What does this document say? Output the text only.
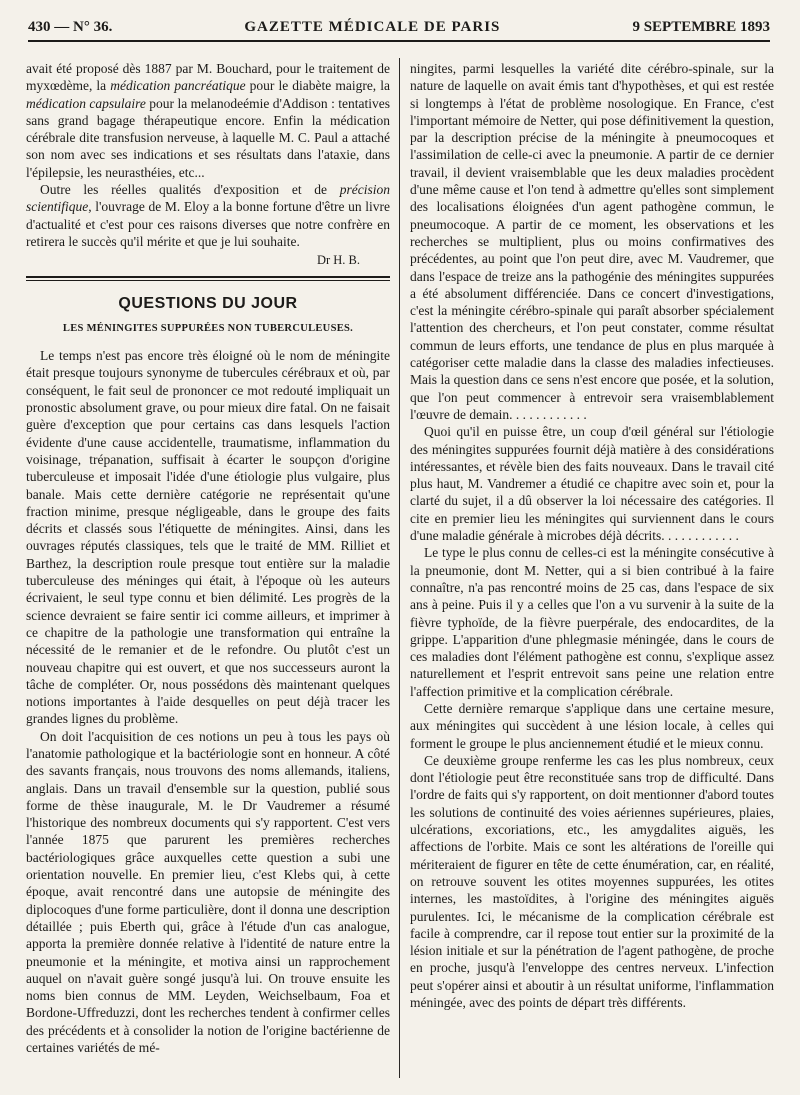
430 — N° 36.	GAZETTE MÉDICALE DE PARIS	9 SEPTEMBRE 1893

avait été proposé dès 1887 par M. Bouchard, pour le traitement de myxœdème, la médication pancréatique pour le diabète maigre, la médication capsulaire pour la melanodeémie d'Addison : tentatives sans grand bagage thérapeutique encore. Enfin la médication cérébrale dite transfusion nerveuse, à laquelle M. C. Paul a attaché son nom avec ses indications et ses résultats dans l'ataxie, dans l'épilepsie, les neurasthéies, etc...

Outre les réelles qualités d'exposition et de précision scientifique, l'ouvrage de M. Eloy a la bonne fortune d'être un livre d'actualité et c'est pour ces raisons diverses que notre confrère en retirera le succès qu'il mérite et que je lui souhaite.

Dr H. B.
QUESTIONS DU JOUR
LES MÉNINGITES SUPPURÉES NON TUBERCULEUSES.

Le temps n'est pas encore très éloigné où le nom de méningite était presque toujours synonyme de tubercules cérébraux et où, par conséquent, le fait seul de prononcer ce mot redouté impliquait un pronostic absolument grave, ou pour mieux dire fatal. On ne faisait guère d'exception que pour certains cas dans lesquels l'action évidente d'une cause accidentelle, traumatisme, inflammation du voisinage, trépanation, suffisait à écarter le soupçon d'origine tuberculeuse et imposait l'idée d'une étiologie plus vulgaire, plus banale. Mais cette dernière catégorie ne représentait qu'une fraction minime, presque négligeable, dans le groupe des faits décrits et classés sous l'étiquette de méningites. Ainsi, dans les ouvrages réputés classiques, tels que le traité de MM. Rilliet et Barthez, la description roule presque tout entière sur la maladie tuberculeuse des méninges qui était, à l'époque où les auteurs écrivaient, le seul type connu et bien délimité. Les progrès de la science devraient se faire sentir ici comme ailleurs, et imprimer à ce chapitre de la pathologie une transformation qui entraîne la nécessité de le remanier et de le refondre. Ou plutôt c'est un nouveau chapitre qui est ouvert, et que nos successeurs auront la tâche de compléter. Or, nous possédons dès maintenant quelques notions importantes à l'aide desquelles on peut déjà tracer les grandes lignes du problème.

On doit l'acquisition de ces notions un peu à tous les pays où l'anatomie pathologique et la bactériologie sont en honneur. A côté des savants français, nous trouvons des noms allemands, italiens, anglais. Dans un travail d'ensemble sur la question, publié sous forme de thèse inaugurale, M. le Dr Vaudremer a résumé l'historique des nombreux documents qui s'y rapportent. C'est vers l'année 1875 que parurent les premières recherches bactériologiques grâce auxquelles cette question a subi une orientation nouvelle. En premier lieu, c'est Klebs qui, à cette époque, avait rencontré dans une autopsie de méningite des diplocoques d'une forme particulière, dont il donna une description détaillée ; puis Eberth qui, grâce à l'étude d'un cas analogue, apporta la première donnée relative à l'identité de nature entre la pneumonie et la méningite, et motiva ainsi un rapprochement auquel on n'avait guère songé jusqu'à lui. On trouve ensuite les noms bien connus de MM. Leyden, Weichselbaum, Foa et Bordone-Uffreduzzi, dont les recherches tendent à confirmer celles des précédents et à consolider la notion de l'origine bactérienne de certaines variétés de mé-

ningites, parmi lesquelles la variété dite cérébro-spinale, sur la nature de laquelle on avait émis tant d'hypothèses, et qui est restée si longtemps à l'état de problème nosologique. En France, c'est l'important mémoire de Netter, qui pose définitivement la question, par la description précise de la méningite à pneumocoques et l'assimilation de celle-ci avec la pneumonie. A partir de ce dernier travail, il devient vraisemblable que les deux maladies procèdent d'une même cause et l'on tend à admettre qu'elles sont simplement des localisations éloignées d'un agent pathogène commun, le pneumocoque. A partir de ce moment, les observations et les recherches se multiplient, plus ou moins confirmatives des précédentes, au point que l'on peut dire, avec M. Vaudremer, que dans l'espace de treize ans la pathogénie des méningites suppurées a été absolument différenciée. Dans ce concert d'investigations, c'est la méningite cérébro-spinale qui paraît absorber spécialement l'attention des chercheurs, et l'on peut constater, comme résultat commun de leurs efforts, une tendance de plus en plus marquée à catégoriser cette maladie dans la classe des maladies infectieuses. Mais la question dans ce sens n'est encore que posée, et la solution, que l'on peut commencer à entrevoir sera vraisemblablement l'œuvre de demain. . . . . . . . . . . .

Quoi qu'il en puisse être, un coup d'œil général sur l'étiologie des méningites suppurées fournit déjà matière à des considérations intéressantes, et révèle bien des faits nouveaux. Dans le travail cité plus haut, M. Vandremer a étudié ce chapitre avec soin et, pour la clarté du sujet, il a dû observer la loi nécessaire des catégories. Il cite en premier lieu les méningites qui surviennent dans le cours d'une maladie générale à microbes déjà décrits. . . . . . . . . . . .

Le type le plus connu de celles-ci est la méningite consécutive à la pneumonie, dont M. Netter, qui a si bien contribué à la faire connaître, n'a pas rencontré moins de 25 cas, dans l'espace de six ans à peine. Puis il y a celles que l'on a vu survenir à la suite de la fièvre typhoïde, de la fièvre puerpérale, des endocardites, de la grippe. L'apparition d'une phlegmasie méningée, dans le cours de ces maladies dont l'élément pathogène est connu, s'explique assez naturellement et l'esprit entrevoit sans peine une relation entre l'affection primitive et la complication cérébrale.

Cette dernière remarque s'applique dans une certaine mesure, aux méningites qui succèdent à une lésion locale, à celles qui forment le groupe le plus anciennement étudié et le mieux connu.

Ce deuxième groupe renferme les cas les plus nombreux, ceux dont l'étiologie peut être reconstituée sans trop de difficulté. Dans l'ordre de faits qui s'y rapportent, on doit mentionner d'abord toutes les solutions de continuité des voies aériennes supérieures, plaies, ulcérations, excoriations, etc., les amygdalites aiguës, les affections de l'orbite. Mais ce sont les altérations de l'oreille qui mériteraient de figurer en tête de cette énumération, car, en réalité, on retrouve souvent les otites moyennes suppurées, les otites internes, les mastoïdites, à l'origine des méningites aiguës purulentes. Ici, le mécanisme de la complication cérébrale est facile à comprendre, car il repose tout entier sur la proximité de la lésion initiale et sur la pénétration de l'agent pathogène, de proche en proche, jusqu'à l'enveloppe des centres nerveux. L'infection peut s'opérer ainsi et aboutir à un résultat uniforme, l'inflammation méningée, avec des points de départ très différents.
